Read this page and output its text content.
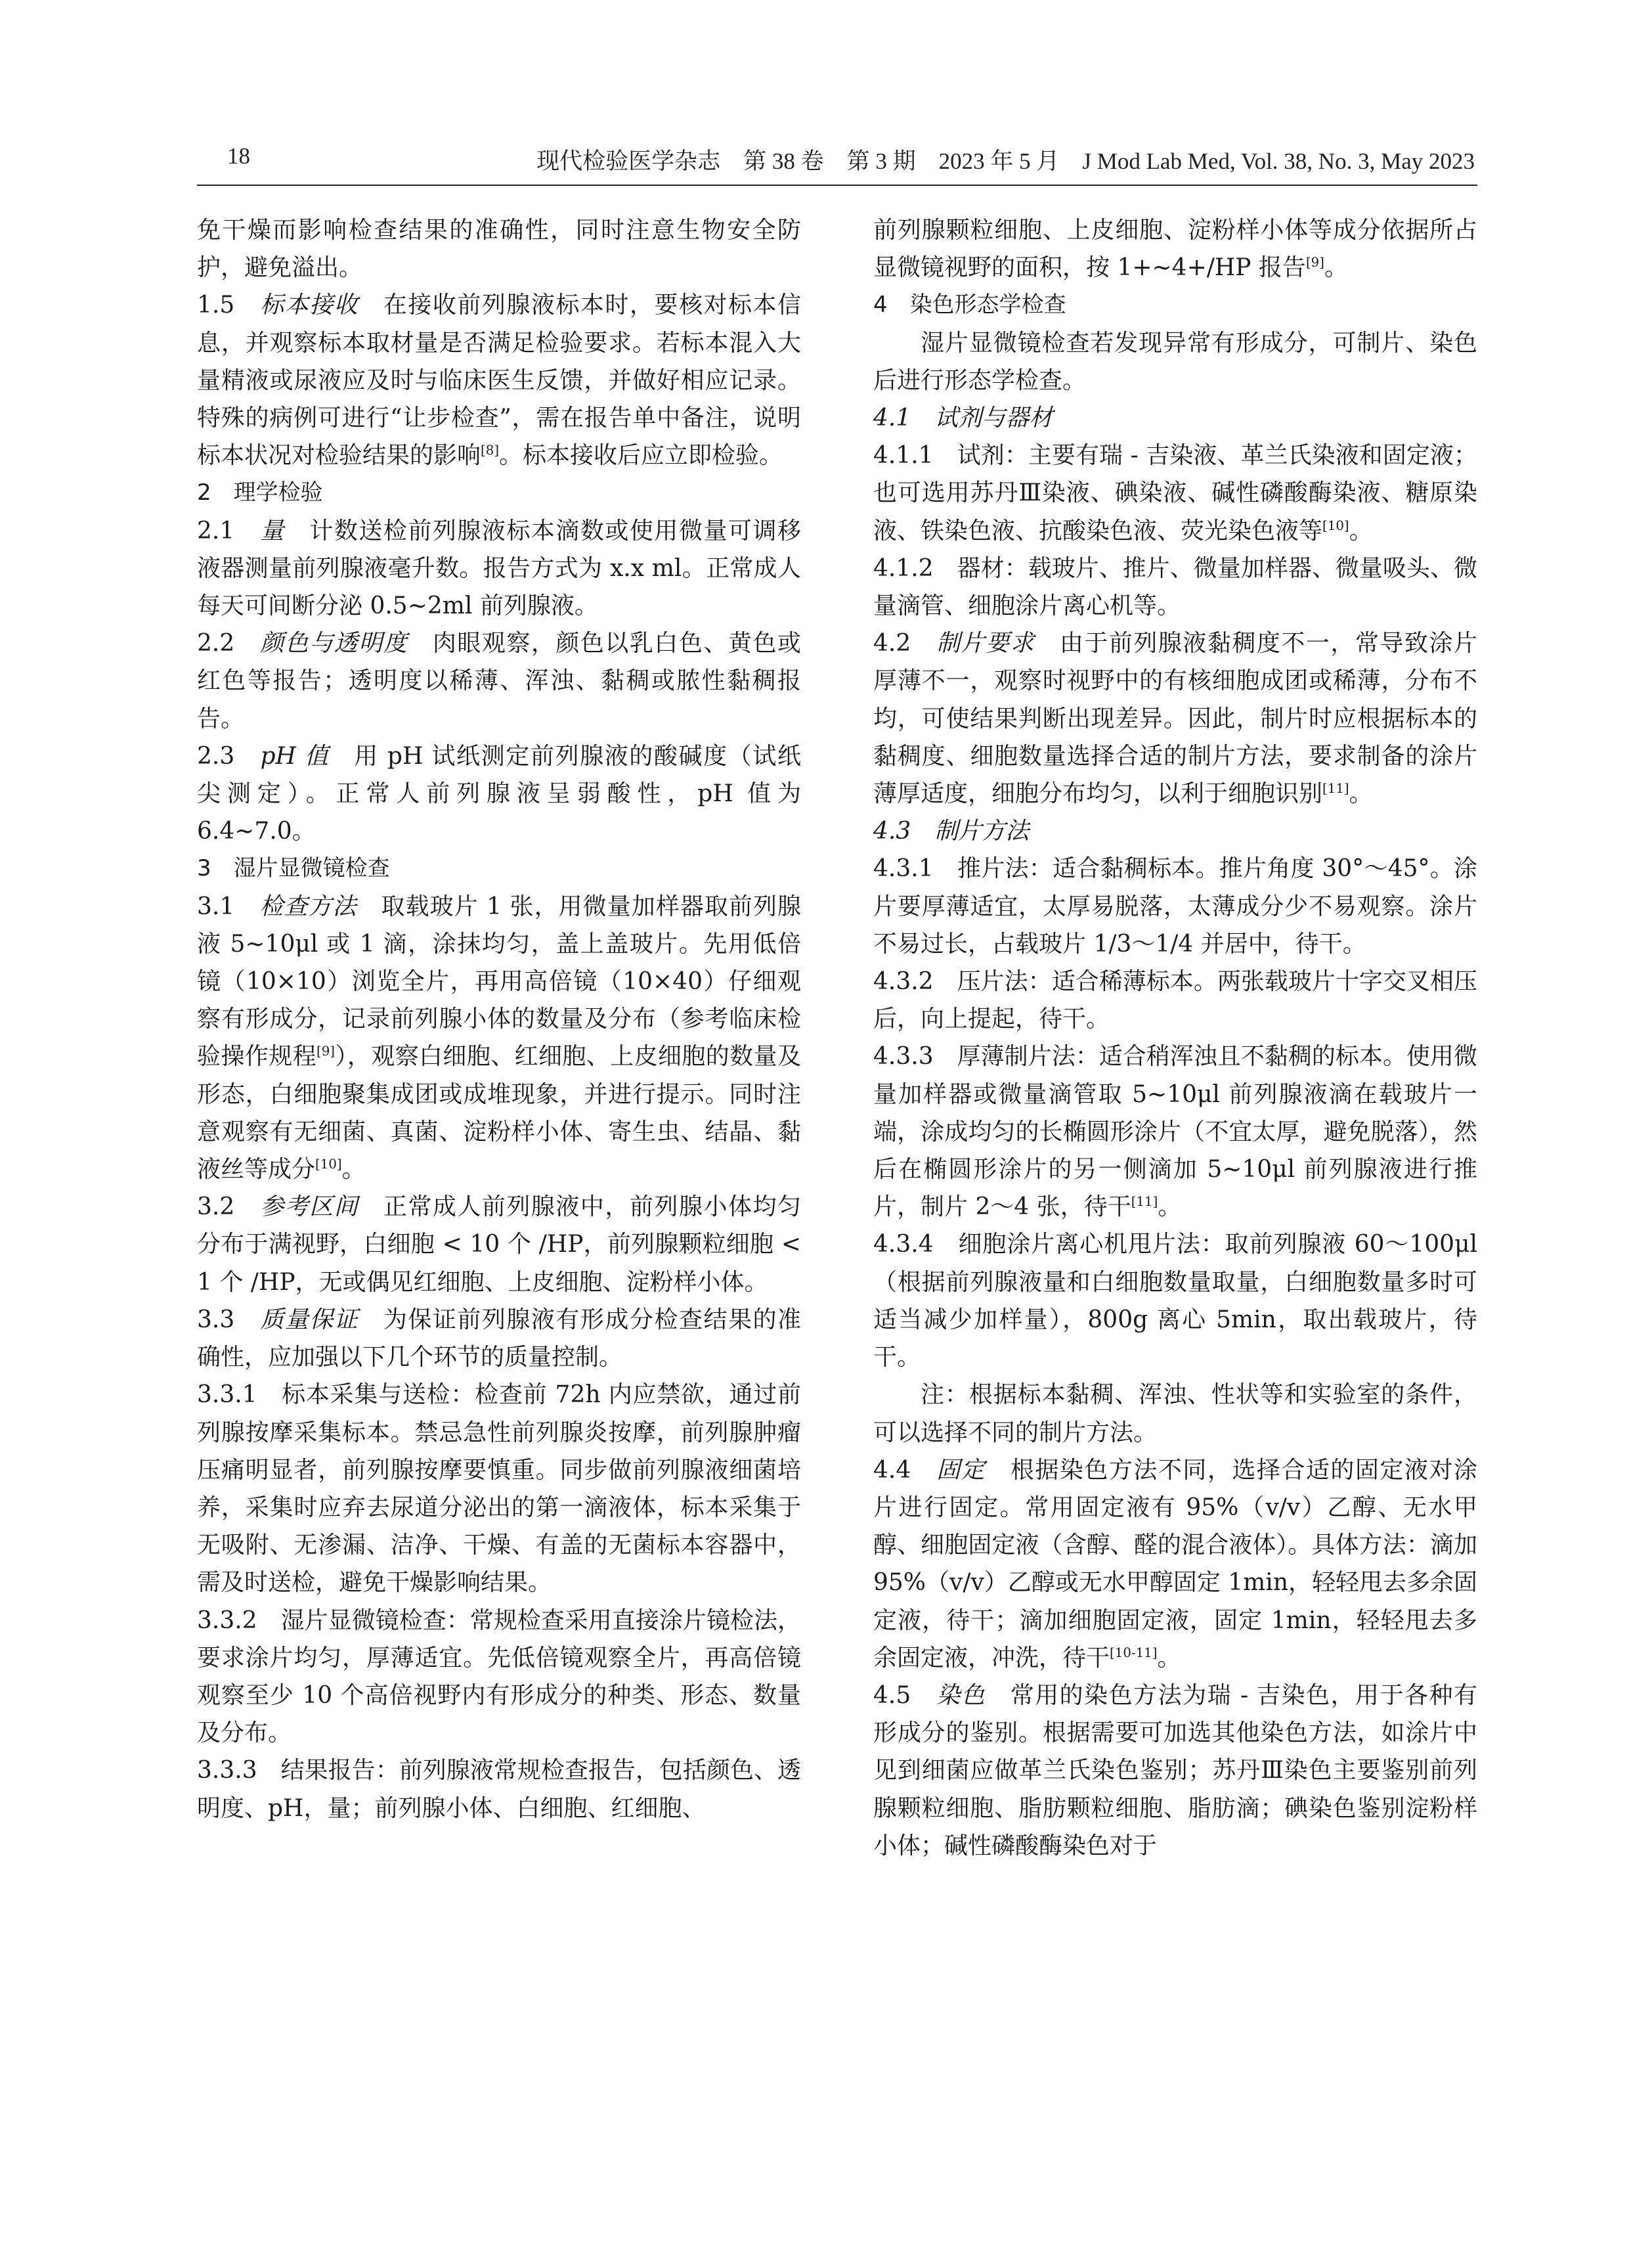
18	现代检验医学杂志　第 38 卷　第 3 期　2023 年 5 月　J Mod Lab Med, Vol. 38, No. 3, May 2023

免干燥而影响检查结果的准确性，同时注意生物安全防护，避免溢出。

1.5　标本接收　在接收前列腺液标本时，要核对标本信息，并观察标本取材量是否满足检验要求。若标本混入大量精液或尿液应及时与临床医生反馈，并做好相应记录。特殊的病例可进行“让步检查”，需在报告单中备注，说明标本状况对检验结果的影响[8]。标本接收后应立即检验。

2　理学检验

2.1　量　计数送检前列腺液标本滴数或使用微量可调移液器测量前列腺液毫升数。报告方式为 x.x ml。正常成人每天可间断分泌 0.5~2ml 前列腺液。

2.2　颜色与透明度　肉眼观察，颜色以乳白色、黄色或红色等报告；透明度以稀薄、浑浊、黏稠或脓性黏稠报告。

2.3　pH 值　用 pH 试纸测定前列腺液的酸碱度（试纸尖测定）。正常人前列腺液呈弱酸性，pH 值为 6.4~7.0。

3　湿片显微镜检查

3.1　检查方法　取载玻片 1 张，用微量加样器取前列腺液 5~10μl 或 1 滴，涂抹均匀，盖上盖玻片。先用低倍镜（10×10）浏览全片，再用高倍镜（10×40）仔细观察有形成分，记录前列腺小体的数量及分布（参考临床检验操作规程[9]），观察白细胞、红细胞、上皮细胞的数量及形态，白细胞聚集成团或成堆现象，并进行提示。同时注意观察有无细菌、真菌、淀粉样小体、寄生虫、结晶、黏液丝等成分[10]。

3.2　参考区间　正常成人前列腺液中，前列腺小体均匀分布于满视野，白细胞 < 10 个 /HP，前列腺颗粒细胞 < 1 个 /HP，无或偶见红细胞、上皮细胞、淀粉样小体。

3.3　质量保证　为保证前列腺液有形成分检查结果的准确性，应加强以下几个环节的质量控制。

3.3.1　标本采集与送检：检查前 72h 内应禁欲，通过前列腺按摩采集标本。禁忌急性前列腺炎按摩，前列腺肿瘤压痛明显者，前列腺按摩要慎重。同步做前列腺液细菌培养，采集时应弃去尿道分泌出的第一滴液体，标本采集于无吸附、无渗漏、洁净、干燥、有盖的无菌标本容器中，需及时送检，避免干燥影响结果。

3.3.2　湿片显微镜检查：常规检查采用直接涂片镜检法，要求涂片均匀，厚薄适宜。先低倍镜观察全片，再高倍镜观察至少 10 个高倍视野内有形成分的种类、形态、数量及分布。

3.3.3　结果报告：前列腺液常规检查报告，包括颜色、透明度、pH，量；前列腺小体、白细胞、红细胞、

前列腺颗粒细胞、上皮细胞、淀粉样小体等成分依据所占显微镜视野的面积，按 1+~4+/HP 报告[9]。

4　染色形态学检查

湿片显微镜检查若发现异常有形成分，可制片、染色后进行形态学检查。

4.1　试剂与器材

4.1.1　试剂：主要有瑞 - 吉染液、革兰氏染液和固定液；也可选用苏丹Ⅲ染液、碘染液、碱性磷酸酶染液、糖原染液、铁染色液、抗酸染色液、荧光染色液等[10]。

4.1.2　器材：载玻片、推片、微量加样器、微量吸头、微量滴管、细胞涂片离心机等。

4.2　制片要求　由于前列腺液黏稠度不一，常导致涂片厚薄不一，观察时视野中的有核细胞成团或稀薄，分布不均，可使结果判断出现差异。因此，制片时应根据标本的黏稠度、细胞数量选择合适的制片方法，要求制备的涂片薄厚适度，细胞分布均匀，以利于细胞识别[11]。

4.3　制片方法

4.3.1　推片法：适合黏稠标本。推片角度 30°～45°。涂片要厚薄适宜，太厚易脱落，太薄成分少不易观察。涂片不易过长，占载玻片 1/3～1/4 并居中，待干。

4.3.2　压片法：适合稀薄标本。两张载玻片十字交叉相压后，向上提起，待干。

4.3.3　厚薄制片法：适合稍浑浊且不黏稠的标本。使用微量加样器或微量滴管取 5~10μl 前列腺液滴在载玻片一端，涂成均匀的长椭圆形涂片（不宜太厚，避免脱落），然后在椭圆形涂片的另一侧滴加 5~10μl 前列腺液进行推片，制片 2～4 张，待干[11]。

4.3.4　细胞涂片离心机甩片法：取前列腺液 60～100μl（根据前列腺液量和白细胞数量取量，白细胞数量多时可适当减少加样量），800g 离心 5min，取出载玻片，待干。

注：根据标本黏稠、浑浊、性状等和实验室的条件，可以选择不同的制片方法。

4.4　固定　根据染色方法不同，选择合适的固定液对涂片进行固定。常用固定液有 95%（v/v）乙醇、无水甲醇、细胞固定液（含醇、醛的混合液体）。具体方法：滴加 95%（v/v）乙醇或无水甲醇固定 1min，轻轻甩去多余固定液，待干；滴加细胞固定液，固定 1min，轻轻甩去多余固定液，冲洗，待干[10-11]。

4.5　染色　常用的染色方法为瑞 - 吉染色，用于各种有形成分的鉴别。根据需要可加选其他染色方法，如涂片中见到细菌应做革兰氏染色鉴别；苏丹Ⅲ染色主要鉴别前列腺颗粒细胞、脂肪颗粒细胞、脂肪滴；碘染色鉴别淀粉样小体；碱性磷酸酶染色对于
